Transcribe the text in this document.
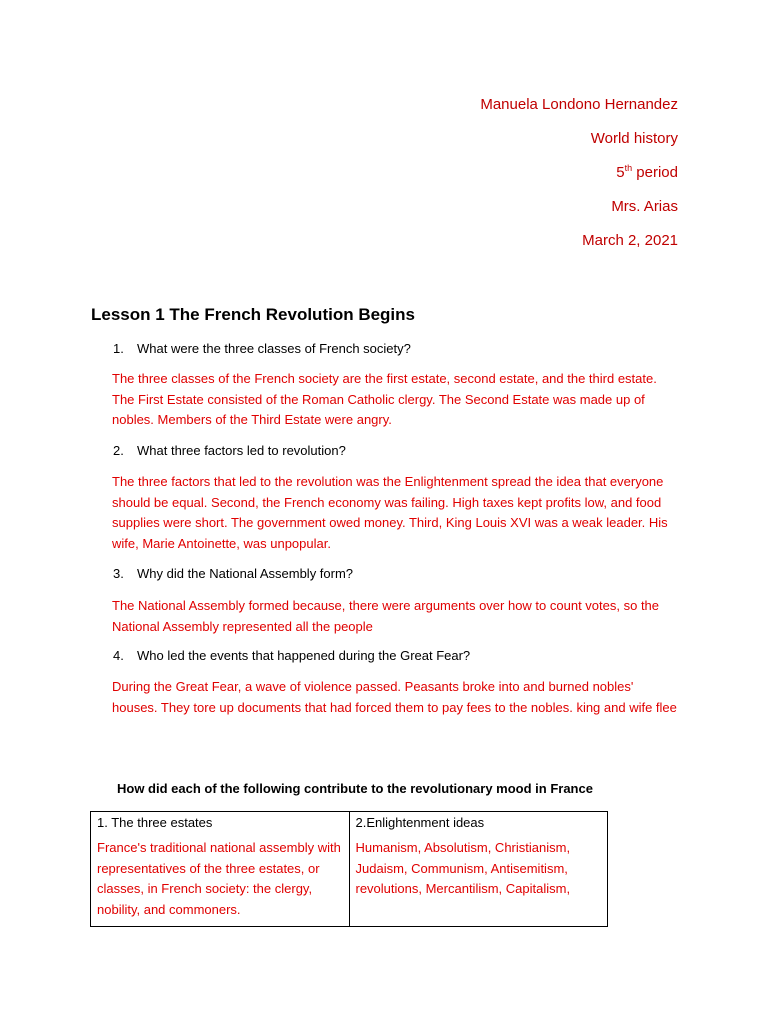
Manuela Londono Hernandez
World history
5th period
Mrs. Arias
March 2, 2021
Lesson 1 The French Revolution Begins
1. What were the three classes of French society?
The three classes of the French society are the first estate, second estate, and the third estate. The First Estate consisted of the Roman Catholic clergy. The Second Estate was made up of nobles. Members of the Third Estate were angry.
2. What three factors led to revolution?
The three factors that led to the revolution was the Enlightenment spread the idea that everyone should be equal. Second, the French economy was failing. High taxes kept profits low, and food supplies were short. The government owed money. Third, King Louis XVI was a weak leader. His wife, Marie Antoinette, was unpopular.
3. Why did the National Assembly form?
The National Assembly formed because, there were arguments over how to count votes, so the National Assembly represented all the people
4. Who led the events that happened during the Great Fear?
During the Great Fear, a wave of violence passed. Peasants broke into and burned nobles' houses. They tore up documents that had forced them to pay fees to the nobles. king and wife flee
How did each of the following contribute to the revolutionary mood in France
1. The three estates
France's traditional national assembly with representatives of the three estates, or classes, in French society: the clergy, nobility, and commoners.

2.Enlightenment ideas
Humanism, Absolutism, Christianism, Judaism, Communism, Antisemitism, revolutions, Mercantilism, Capitalism,
